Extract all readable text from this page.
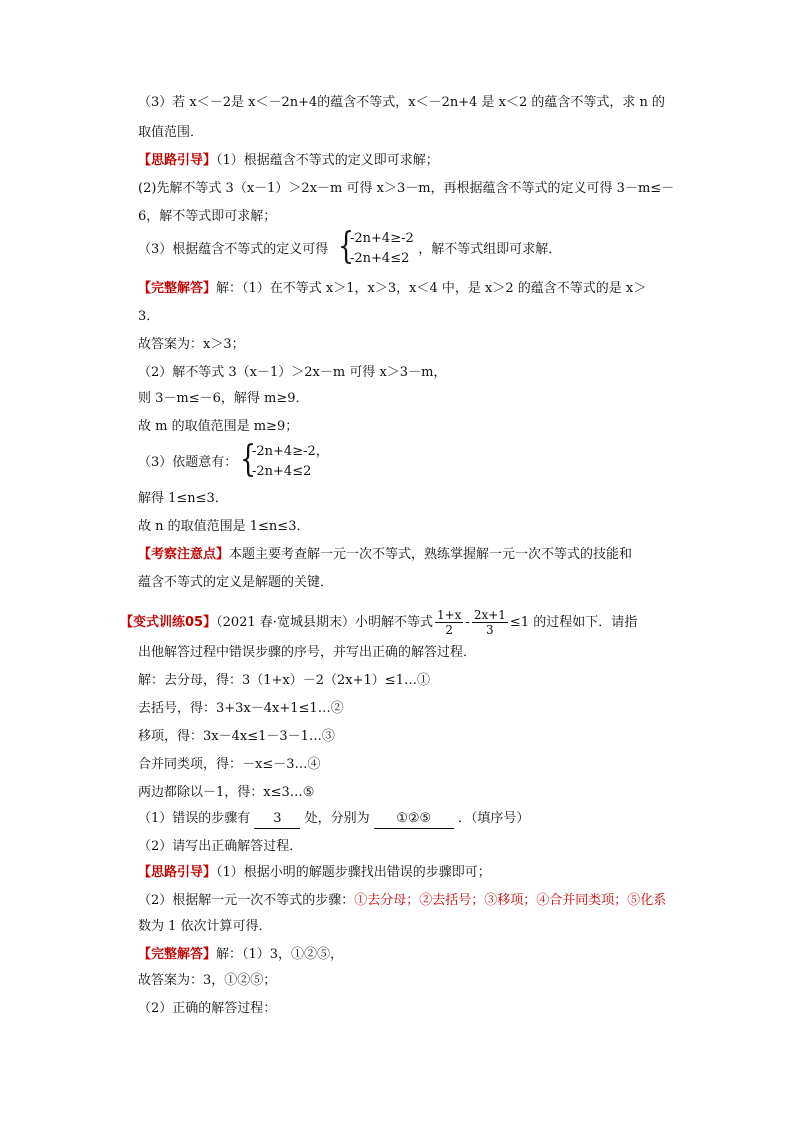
（3）若 x＜－2是 x＜－2n+4的蕴含不等式，x＜－2n+4 是 x＜2 的蕴含不等式，求 n 的
取值范围．
【思路引导】（1）根据蕴含不等式的定义即可求解；
(2)先解不等式 3（x－1）＞2x－m 可得 x＞3－m，再根据蕴含不等式的定义可得 3－m≤－
6，解不等式即可求解；
（3）根据蕴含不等式的定义可得	，解不等式组即可求解．
{
-2n+4≥-2
-2n+4≤2
【完整解答】解：（1）在不等式 x＞1，x＞3，x＜4 中，是 x＞2 的蕴含不等式的是 x＞
3．
故答案为：x＞3；
（2）解不等式 3（x－1）＞2x－m 可得 x＞3－m，
则 3－m≤－6，解得 m≥9．
故 m 的取值范围是 m≥9；
（3）依题意有： {
-2n+4≥-2，
-2n+4≤2
解得 1≤n≤3．
故 n 的取值范围是 1≤n≤3．
【考察注意点】本题主要考查解一元一次不等式，熟练掌握解一元一次不等式的技能和
蕴含不等式的定义是解题的关键．
【变式训练05】（2021 春·宽城县期末）小明解不等式 $\frac{1+x}{2} - \frac{2x+1}{3} \le 1$ 的过程如下．请指
出他解答过程中错误步骤的序号，并写出正确的解答过程．
解：去分母，得：3（1+x）－2（2x+1）≤1…①
去括号，得：3+3x－4x+1≤1…②
移项，得：3x－4x≤1－3－1…③
合并同类项，得：－x≤－3…④
两边都除以－1，得：x≤3…⑤
（1）错误的步骤有 3 处，分别为 ①②⑤ ．（填序号）
（2）请写出正确解答过程．
【思路引导】（1）根据小明的解题步骤找出错误的步骤即可；
（2）根据解一元一次不等式的步骤：①去分母；②去括号；③移项；④合并同类项；⑤化系
数为 1 依次计算可得．
【完整解答】解：（1）3，①②⑤，
故答案为：3，①②⑤；
（2）正确的解答过程：
